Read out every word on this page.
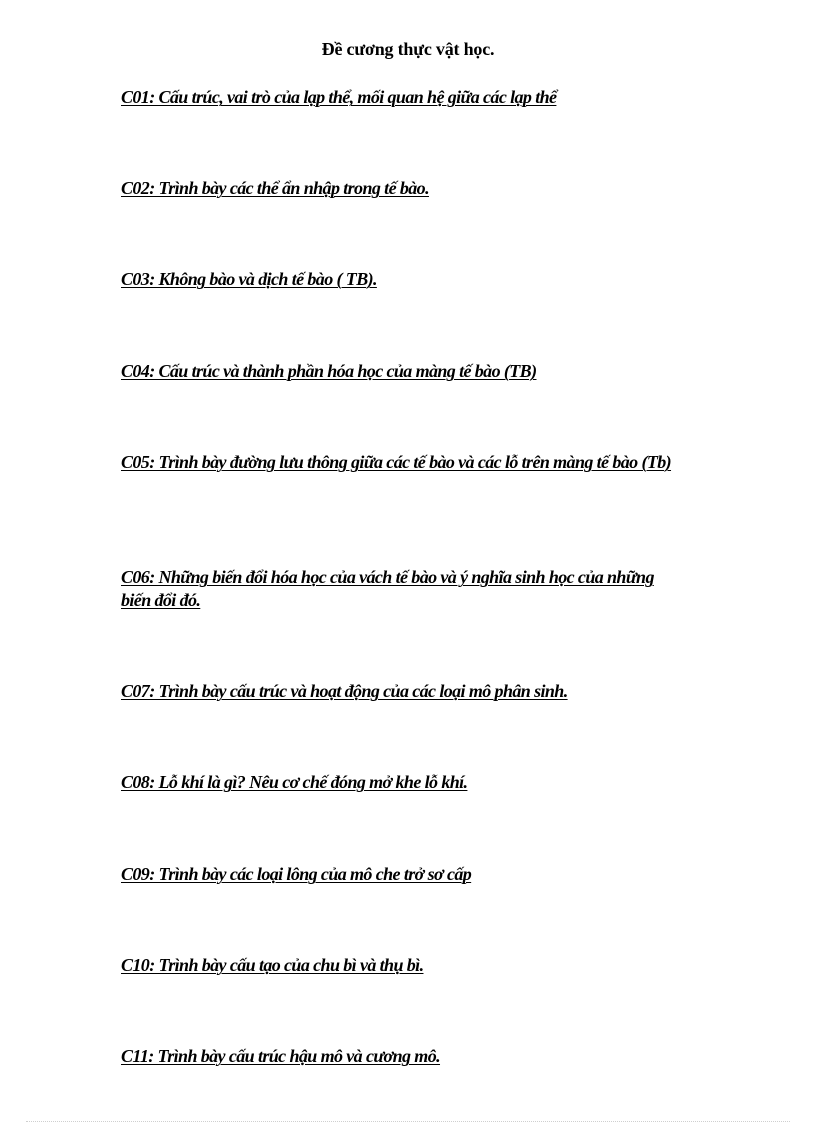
Đề cương thực vật học.

C01: Cấu trúc, vai trò của lạp thể, mối quan hệ giữa các lạp thể

C02: Trình bày các thể ẩn nhập trong tế bào.

C03: Không bào và dịch tế bào ( TB).

C04: Cấu trúc và thành phần hóa học của màng tế bào (TB)

C05: Trình bày đường lưu thông giữa các tế bào và các lỗ trên màng tế bào (Tb)

C06: Những biến đổi hóa học của vách tế bào và ý nghĩa sinh học của những biến đổi đó.

C07: Trình bày cấu trúc và hoạt động của các loại mô phân sinh.

C08: Lỗ khí là gì? Nêu cơ chế đóng mở khe lỗ khí.

C09: Trình bày các loại lông của mô che trở sơ cấp

C10: Trình bày cấu tạo của chu bì và thụ bì.

C11: Trình bày cấu trúc hậu mô và cương mô.
